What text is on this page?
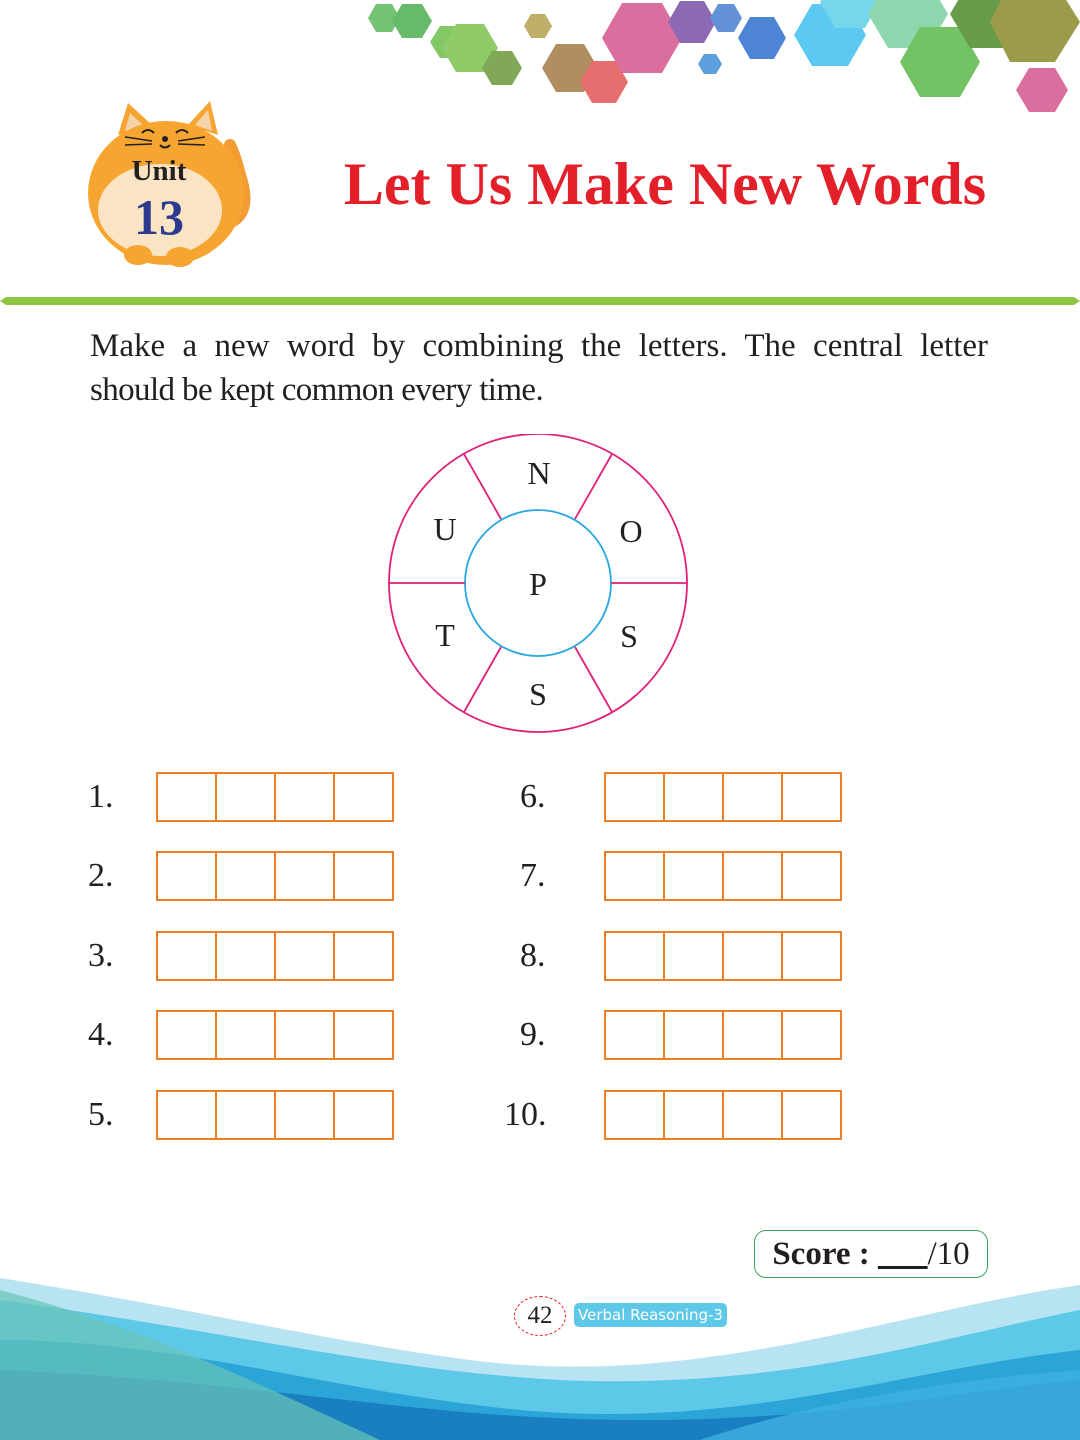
Unit
13	Let Us Make New Words
Make a new word by combining the letters. The central letter
should be kept common every time.
P
N
O
S
S
T
U
1.
2.
3.
4.
5.
6.
7.
8.
9.
10.
Score : ___/10
42	Verbal Reasoning-3
